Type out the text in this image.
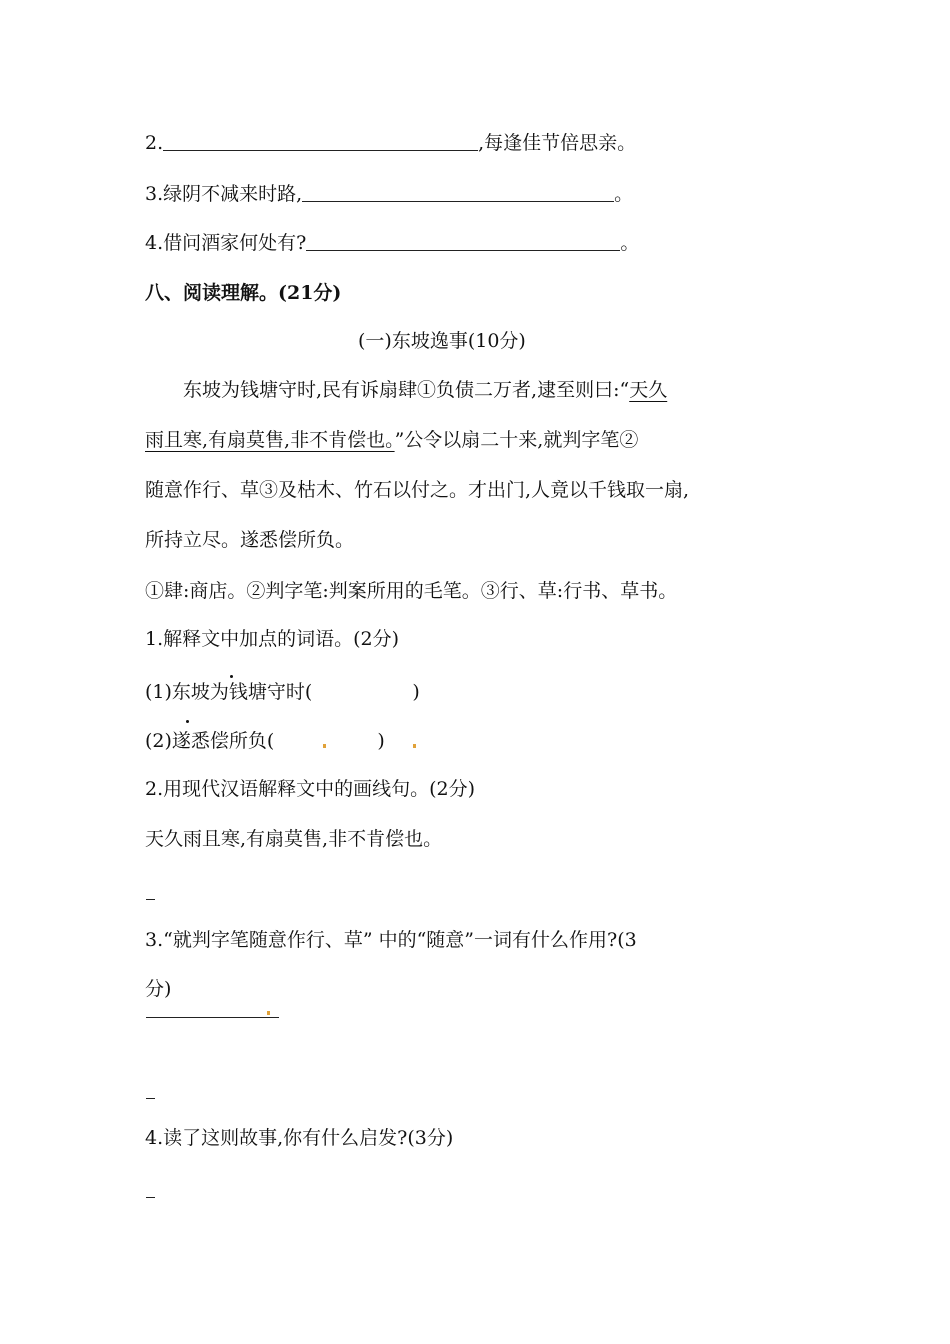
2.	,每逢佳节倍思亲。
3.绿阴不减来时路,	。
4.借问酒家何处有?	。
八、阅读理解。(21分)
(一)东坡逸事(10分)
东坡为钱塘守时,民有诉扇肆①负债二万者,逮至则曰:“天久
雨且寒,有扇莫售,非不肯偿也。”公令以扇二十来,就判字笔②
随意作行、草③及枯木、竹石以付之。才出门,人竟以千钱取一扇,
所持立尽。遂悉偿所负。
①肆:商店。②判字笔:判案所用的毛笔。③行、草:行书、草书。
1.解释文中加点的词语。(2分)
(1)东坡为钱塘守时(	)
(2)遂悉偿所负(	)
2.用现代汉语解释文中的画线句。(2分)
天久雨且寒,有扇莫售,非不肯偿也。
3.“就判字笔随意作行、草” 中的“随意”一词有什么作用?(3
分)
4.读了这则故事,你有什么启发?(3分)
